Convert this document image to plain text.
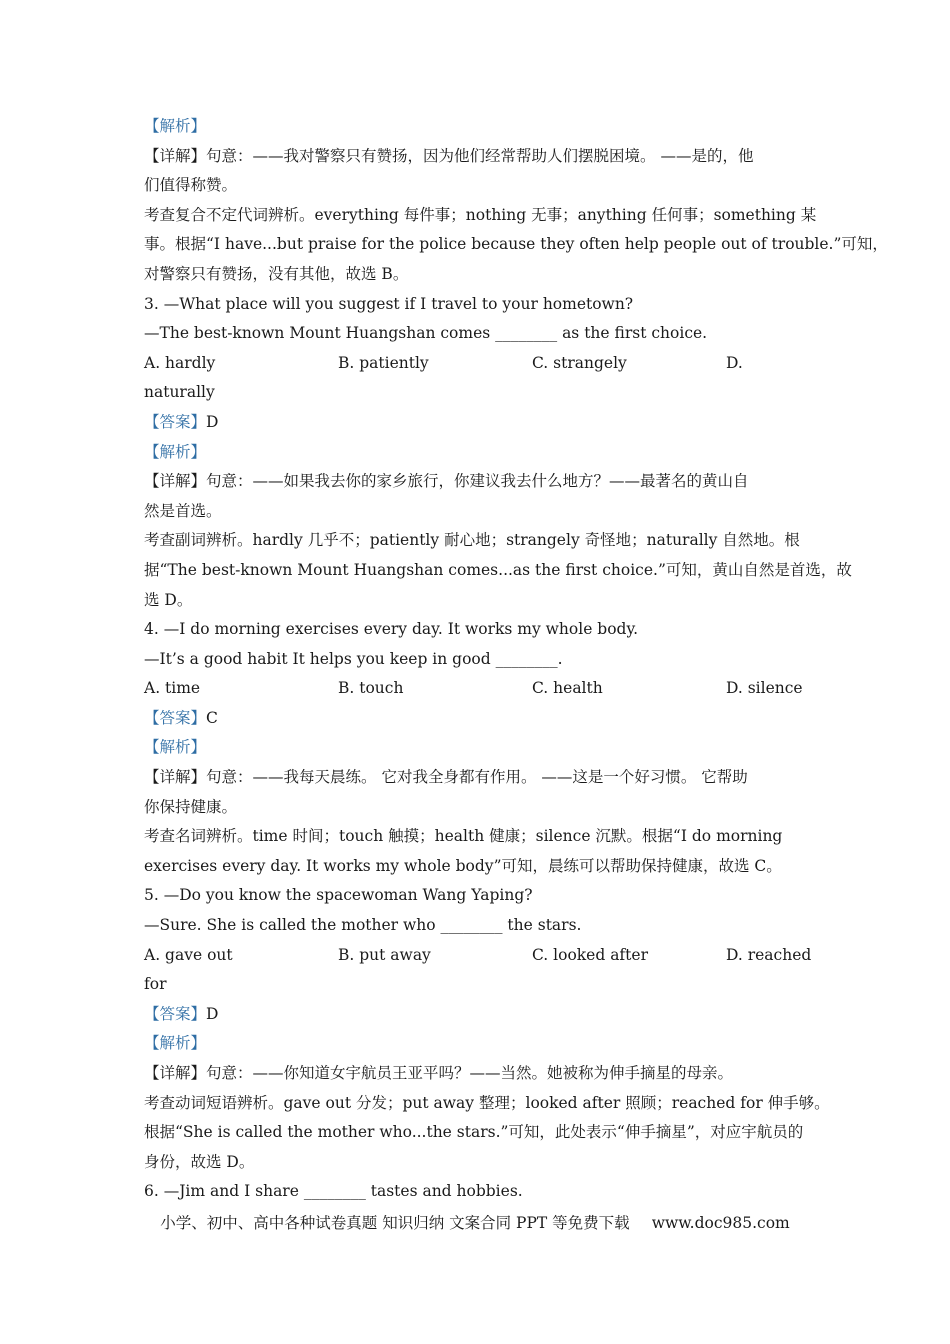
【解析】
【详解】句意：——我对警察只有赞扬，因为他们经常帮助人们摆脱困境。 ——是的，他
们值得称赞。
考查复合不定代词辨析。everything 每件事；nothing 无事；anything 任何事；something 某
事。根据“I have...but praise for the police because they often help people out of trouble.”可知，
对警察只有赞扬，没有其他，故选 B。
3. —What place will you suggest if I travel to your hometown?
—The best-known Mount Huangshan comes ________ as the first choice.
A. hardly	B. patiently	C. strangely	D.
naturally
【答案】D
【解析】
【详解】句意：——如果我去你的家乡旅行，你建议我去什么地方？——最著名的黄山自
然是首选。
考查副词辨析。hardly 几乎不；patiently 耐心地；strangely 奇怪地；naturally 自然地。根
据“The best-known Mount Huangshan comes...as the first choice.”可知，黄山自然是首选，故
选 D。
4. —I do morning exercises every day. It works my whole body.
—It’s a good habit It helps you keep in good ________.
A. time	B. touch	C. health	D. silence
【答案】C
【解析】
【详解】句意：——我每天晨练。 它对我全身都有作用。 ——这是一个好习惯。 它帮助
你保持健康。
考查名词辨析。time 时间；touch 触摸；health 健康；silence 沉默。根据“I do morning
exercises every day. It works my whole body”可知，晨练可以帮助保持健康，故选 C。
5. —Do you know the spacewoman Wang Yaping?
—Sure. She is called the mother who ________ the stars.
A. gave out	B. put away	C. looked after	D. reached
for
【答案】D
【解析】
【详解】句意：——你知道女宇航员王亚平吗？——当然。她被称为伸手摘星的母亲。
考查动词短语辨析。gave out 分发；put away 整理；looked after 照顾；reached for 伸手够。
根据“She is called the mother who...the stars.”可知，此处表示“伸手摘星”，对应宇航员的
身份，故选 D。
6. —Jim and I share ________ tastes and hobbies.
小学、初中、高中各种试卷真题 知识归纳 文案合同 PPT 等免费下载 www.doc985.com
